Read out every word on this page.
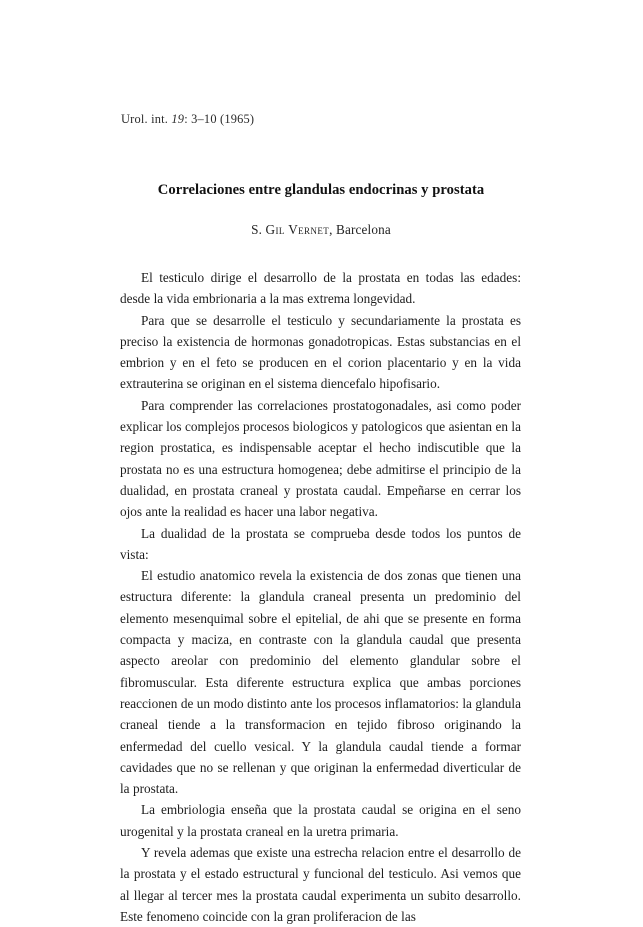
Urol. int. 19: 3–10 (1965)
Correlaciones entre glandulas endocrinas y prostata
S. Gil Vernet, Barcelona

El testiculo dirige el desarrollo de la prostata en todas las edades: desde la vida embrionaria a la mas extrema longevidad.

Para que se desarrolle el testiculo y secundariamente la prostata es preciso la existencia de hormonas gonadotropicas. Estas substancias en el embrion y en el feto se producen en el corion placentario y en la vida extrauterina se originan en el sistema diencefalo hipofisario.

Para comprender las correlaciones prostatogonadales, asi como poder explicar los complejos procesos biologicos y patologicos que asientan en la region prostatica, es indispensable aceptar el hecho indiscutible que la prostata no es una estructura homogenea; debe admitirse el principio de la dualidad, en prostata craneal y prostata caudal. Empeñarse en cerrar los ojos ante la realidad es hacer una labor negativa.

La dualidad de la prostata se comprueba desde todos los puntos de vista:

El estudio anatomico revela la existencia de dos zonas que tienen una estructura diferente: la glandula craneal presenta un predominio del elemento mesenquimal sobre el epitelial, de ahi que se presente en forma compacta y maciza, en contraste con la glandula caudal que presenta aspecto areolar con predominio del elemento glandular sobre el fibromuscular. Esta diferente estructura explica que ambas porciones reaccionen de un modo distinto ante los procesos inflamatorios: la glandula craneal tiende a la transformacion en tejido fibroso originando la enfermedad del cuello vesical. Y la glandula caudal tiende a formar cavidades que no se rellenan y que originan la enfermedad diverticular de la prostata.

La embriologia enseña que la prostata caudal se origina en el seno urogenital y la prostata craneal en la uretra primaria.

Y revela ademas que existe una estrecha relacion entre el desarrollo de la prostata y el estado estructural y funcional del testiculo. Asi vemos que al llegar al tercer mes la prostata caudal experimenta un subito desarrollo. Este fenomeno coincide con la gran proliferacion de las
